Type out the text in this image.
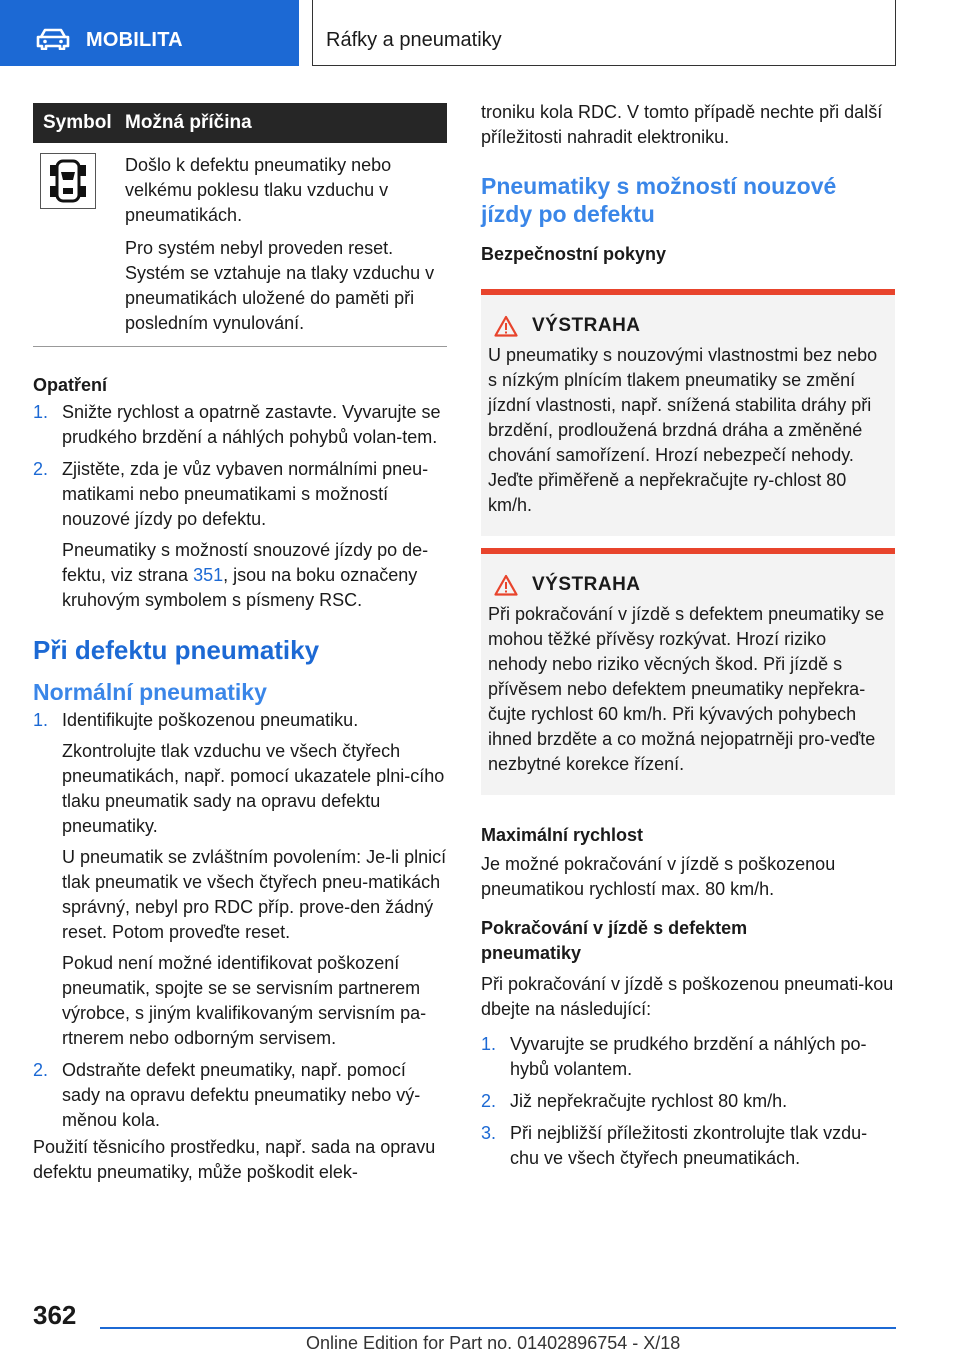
MOBILITA	Ráfky a pneumatiky
Symbol Možná příčina

Došlo k defektu pneumatiky nebo velkému poklesu tlaku vzduchu v pneumatikách.

Pro systém nebyl proveden reset. Systém se vztahuje na tlaky vzduchu v pneumatikách uložené do paměti při posledním vynulování.

Opatření
1. Snižte rychlost a opatrně zastavte. Vyvarujte se prudkého brzdění a náhlých pohybů volan-tem.
2. Zjistěte, zda je vůz vybaven normálními pneu-matikami nebo pneumatikami s možností nouzové jízdy po defektu.
Pneumatiky s možností snouzové jízdy po de-fektu, viz strana 351, jsou na boku označeny kruhovým symbolem s písmeny RSC.
Při defektu pneumatiky
Normální pneumatiky
1. Identifikujte poškozenou pneumatiku.
Zkontrolujte tlak vzduchu ve všech čtyřech pneumatikách, např. pomocí ukazatele plni-cího tlaku pneumatik sady na opravu defektu pneumatiky.
U pneumatik se zvláštním povolením: Je-li plnicí tlak pneumatik ve všech čtyřech pneu-matikách správný, nebyl pro RDC příp. prove-den žádný reset. Potom proveďte reset.
Pokud není možné identifikovat poškození pneumatik, spojte se se servisním partnerem výrobce, s jiným kvalifikovaným servisním pa-rtnerem nebo odborným servisem.
2. Odstraňte defekt pneumatiky, např. pomocí sady na opravu defektu pneumatiky nebo vý-měnou kola.
Použití těsnicího prostředku, např. sada na opravu defektu pneumatiky, může poškodit elek-
troniku kola RDC. V tomto případě nechte při další příležitosti nahradit elektroniku.
Pneumatiky s možností nouzové jízdy po defektu
Bezpečnostní pokyny
VÝSTRAHA
U pneumatiky s nouzovými vlastnostmi bez nebo s nízkým plnícím tlakem pneumatiky se změní jízdní vlastnosti, např. snížená stabilita dráhy při brzdění, prodloužená brzdná dráha a změněné chování samořízení. Hrozí nebezpečí nehody. Jeďte přiměřeně a nepřekračujte ry-chlost 80 km/h.
VÝSTRAHA
Při pokračování v jízdě s defektem pneumatiky se mohou těžké přívěsy rozkývat. Hrozí riziko nehody nebo riziko věcných škod. Při jízdě s přívěsem nebo defektem pneumatiky nepřekra-čujte rychlost 60 km/h. Při kývavých pohybech ihned brzděte a co možná nejopatrněji pro-veďte nezbytné korekce řízení.
Maximální rychlost
Je možné pokračování v jízdě s poškozenou pneumatikou rychlostí max. 80 km/h.
Pokračování v jízdě s defektem pneumatiky
Při pokračování v jízdě s poškozenou pneumati-kou dbejte na následující:
1. Vyvarujte se prudkého brzdění a náhlých po-hybů volantem.
2. Již nepřekračujte rychlost 80 km/h.
3. Při nejbližší příležitosti zkontrolujte tlak vzdu-chu ve všech čtyřech pneumatikách.
362
Online Edition for Part no. 01402896754 - X/18
